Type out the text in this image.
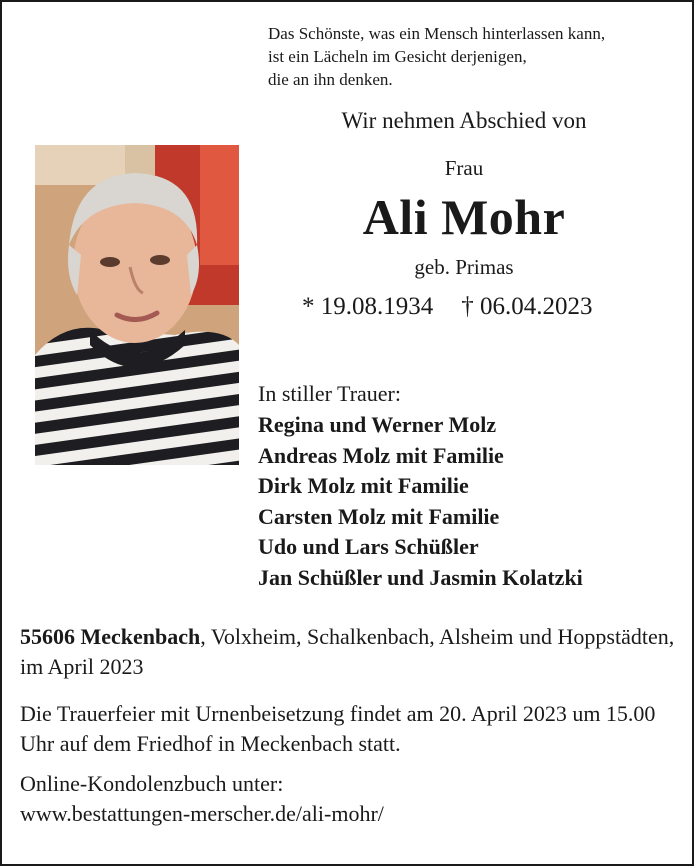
Das Schönste, was ein Mensch hinterlassen kann,
ist ein Lächeln im Gesicht derjenigen,
die an ihn denken.
Wir nehmen Abschied von
Frau
Ali Mohr
geb. Primas
* 19.08.1934 † 06.04.2023
In stiller Trauer:
Regina und Werner Molz
Andreas Molz mit Familie
Dirk Molz mit Familie
Carsten Molz mit Familie
Udo und Lars Schüßler
Jan Schüßler und Jasmin Kolatzki
55606 Meckenbach, Volxheim, Schalkenbach, Alsheim und Hoppstädten, im April 2023
Die Trauerfeier mit Urnenbeisetzung findet am 20. April 2023 um 15.00 Uhr auf dem Friedhof in Meckenbach statt.
Online-Kondolenzbuch unter:
www.bestattungen-merscher.de/ali-mohr/
